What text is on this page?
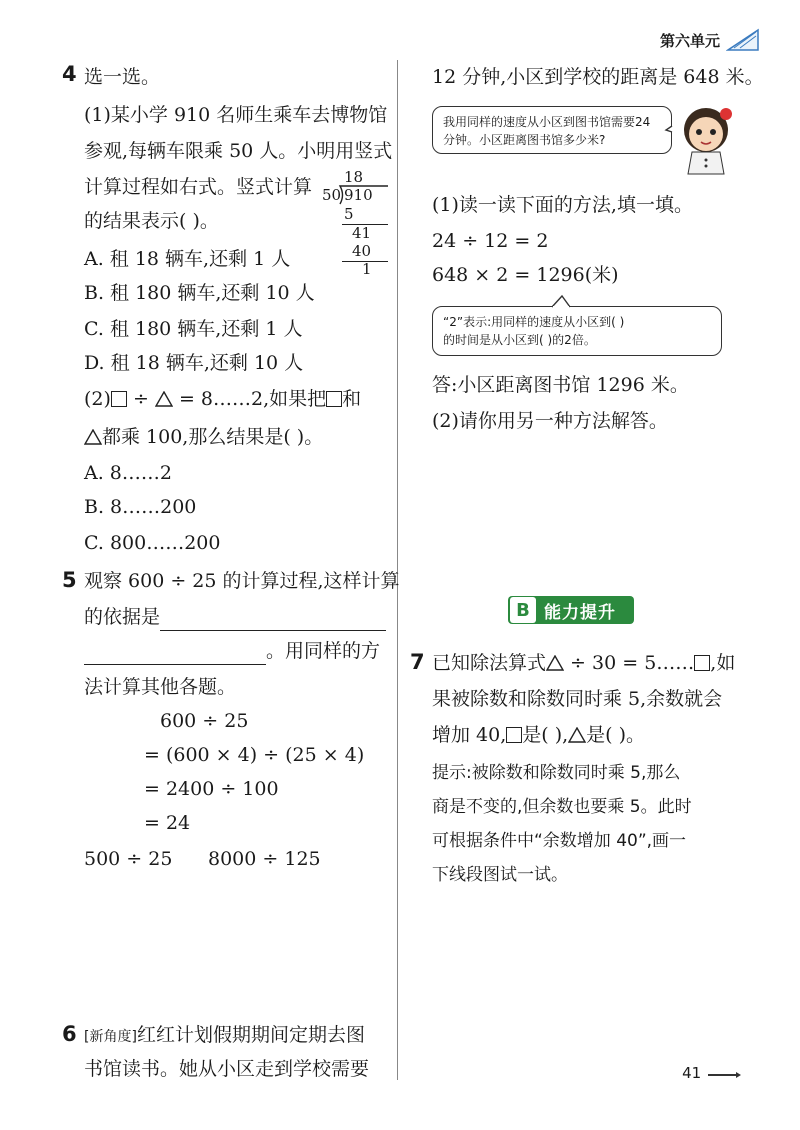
第六单元
4 选一选。
(1)某小学 910 名师生乘车去博物馆
参观,每辆车限乘 50 人。小明用竖式
计算过程如右式。竖式计算
的结果表示( )。
18
50 910
5
41
40
1
A. 租 18 辆车,还剩 1 人
B. 租 180 辆车,还剩 10 人
C. 租 180 辆车,还剩 1 人
D. 租 18 辆车,还剩 10 人
(2) ÷  = 8……2,如果把 和
都乘 100,那么结果是( )。
A. 8……2
B. 8……200
C. 800……200
5 观察 600 ÷ 25 的计算过程,这样计算
的依据是
。用同样的方
法计算其他各题。
600 ÷ 25
= (600 × 4) ÷ (25 × 4)
= 2400 ÷ 100
= 24
500 ÷ 25 8000 ÷ 125
6 [新角度]红红计划假期期间定期去图
书馆读书。她从小区走到学校需要
12 分钟,小区到学校的距离是 648 米。
我用同样的速度从小区到图书馆需要24分钟。小区距离图书馆多少米?
(1)读一读下面的方法,填一填。
24 ÷ 12 = 2
648 × 2 = 1296(米)
“2”表示:用同样的速度从小区到( )
的时间是从小区到( )的2倍。
答:小区距离图书馆 1296 米。
(2)请你用另一种方法解答。
B 能力提升
7 已知除法算式 ÷ 30 = 5…… ,如
果被除数和除数同时乘 5,余数就会
增加 40, 是( ), 是( )。
提示:被除数和除数同时乘 5,那么
商是不变的,但余数也要乘 5。此时
可根据条件中“余数增加 40”,画一
下线段图试一试。
41
